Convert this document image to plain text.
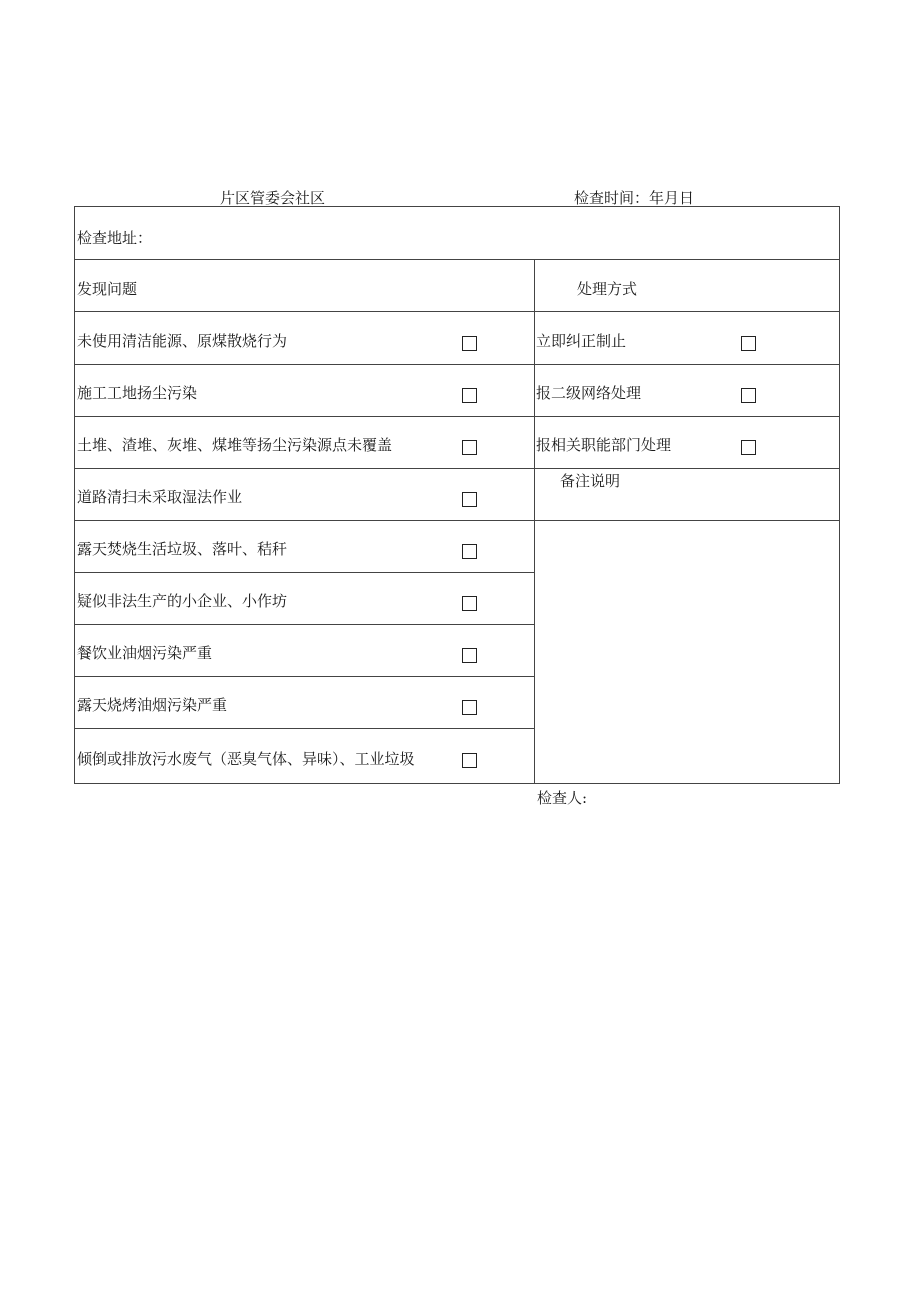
片区管委会社区	检查时间：年月日
检查地址：
发现问题	处理方式
未使用清洁能源、原煤散烧行为
施工工地扬尘污染
土堆、渣堆、灰堆、煤堆等扬尘污染源点未覆盖
道路清扫未采取湿法作业
露天焚烧生活垃圾、落叶、秸秆
疑似非法生产的小企业、小作坊
餐饮业油烟污染严重
露天烧烤油烟污染严重
倾倒或排放污水废气（恶臭气体、异味）、工业垃圾
立即纠正制止
报二级网络处理
报相关职能部门处理
备注说明
检查人:
